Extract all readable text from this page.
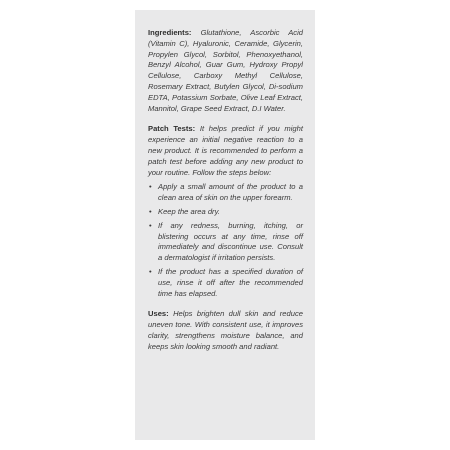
Ingredients: Glutathione, Ascorbic Acid (Vitamin C), Hyaluronic, Ceramide, Glycerin, Propylen Glycol, Sorbitol, Phenoxyethanol, Benzyl Alcohol, Guar Gum, Hydroxy Propyl Cellulose, Carboxy Methyl Cellulose, Rosemary Extract, Butylen Glycol, Di-sodium EDTA, Potassium Sorbate, Olive Leaf Extract, Mannitol, Grape Seed Extract, D.I Water.

Patch Tests: It helps predict if you might experience an initial negative reaction to a new product. It is recommended to perform a patch test before adding any new product to your routine. Follow the steps below:

• Apply a small amount of the product to a clean area of skin on the upper forearm.
• Keep the area dry.
• If any redness, burning, itching, or blistering occurs at any time, rinse off immediately and discontinue use. Consult a dermatologist if irritation persists.
• If the product has a specified duration of use, rinse it off after the recommended time has elapsed.

Uses: Helps brighten dull skin and reduce uneven tone. With consistent use, it improves clarity, strengthens moisture balance, and keeps skin looking smooth and radiant.
